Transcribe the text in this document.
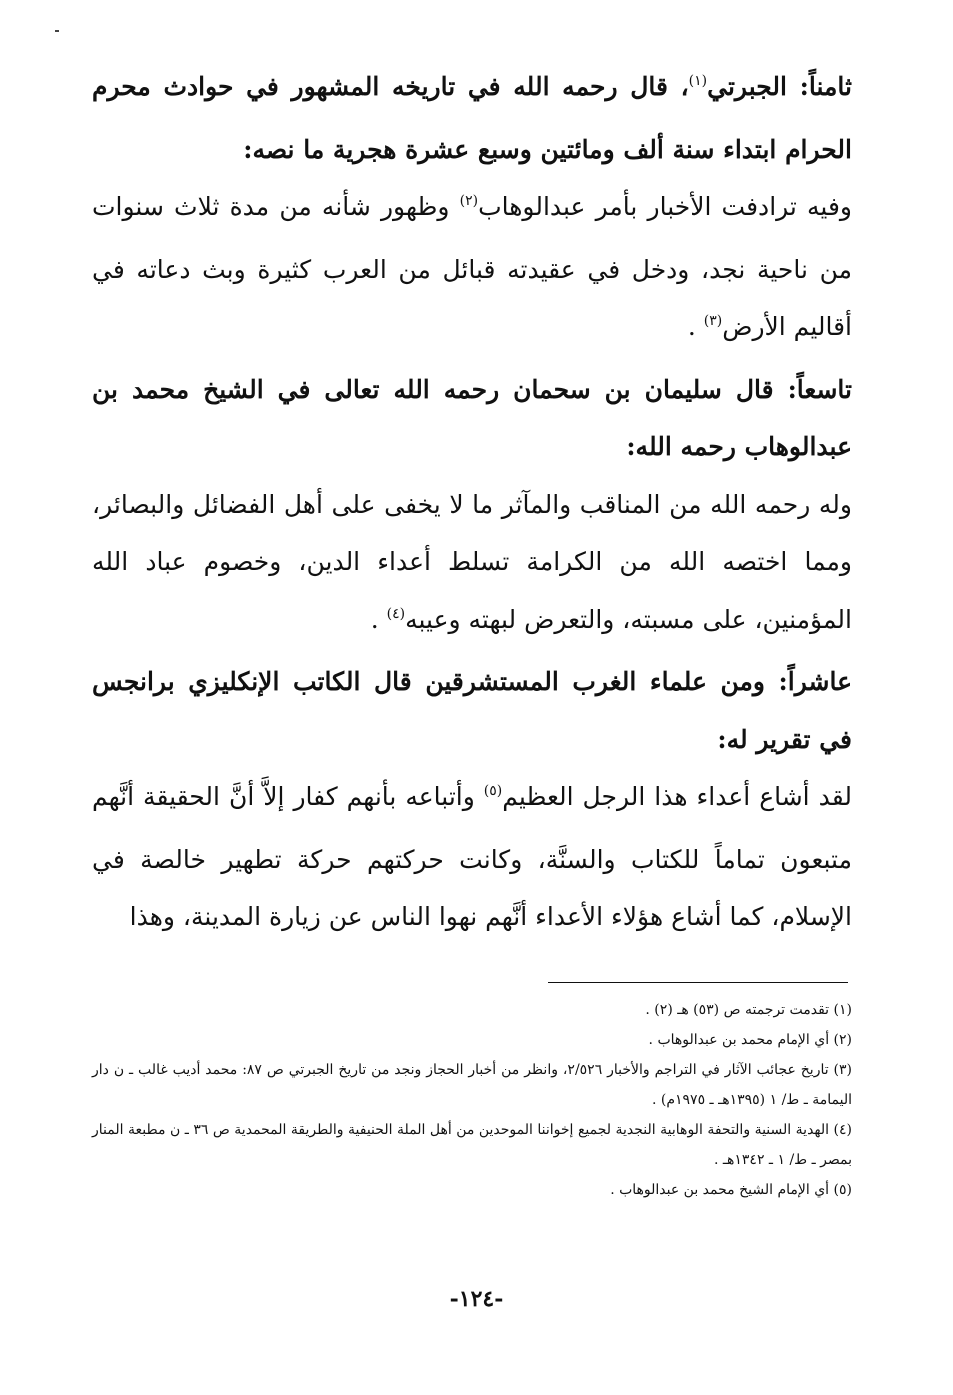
ثامناً: الجبرتي$^{(١)}$، قال رحمه الله في تاريخه المشهور في حوادث محرم الحرام ابتداء سنة ألف ومائتين وسبع عشرة هجرية ما نصه:

وفيه ترادفت الأخبار بأمر عبدالوهاب$^{(٢)}$ وظهور شأنه من مدة ثلاث سنوات من ناحية نجد، ودخل في عقيدته قبائل من العرب كثيرة وبث دعاته في أقاليم الأرض$^{(٣)}$ .

تاسعاً: قال سليمان بن سحمان رحمه الله تعالى في الشيخ محمد بن عبدالوهاب رحمه الله:

وله رحمه الله من المناقب والمآثر ما لا يخفى على أهل الفضائل والبصائر، ومما اختصه الله من الكرامة تسلط أعداء الدين، وخصوم عباد الله المؤمنين، على مسبته، والتعرض لبهته وعيبه$^{(٤)}$ .

عاشراً: ومن علماء الغرب المستشرقين قال الكاتب الإنكليزي برانجس في تقرير له:

لقد أشاع أعداء هذا الرجل العظيم$^{(٥)}$ وأتباعه بأنهم كفار إلاَّ أنَّ الحقيقة أنَّهم متبعون تماماً للكتاب والسنَّة، وكانت حركتهم حركة تطهير خالصة في الإسلام، كما أشاع هؤلاء الأعداء أنَّهم نهوا الناس عن زيارة المدينة، وهذا

(١) تقدمت ترجمته ص (٥٣) هـ (٢) .

(٢) أي الإمام محمد بن عبدالوهاب .

(٣) تاريخ عجائب الآثار في التراجم والأخبار ٢/٥٢٦، وانظر من أخبار الحجاز ونجد من تاريخ الجبرتي ص ٨٧: محمد أديب غالب ـ ن دار اليمامة ـ ط/ ١ (١٣٩٥هـ ـ ١٩٧٥م) .

(٤) الهدية السنية والتحفة الوهابية النجدية لجميع إخواننا الموحدين من أهل الملة الحنيفية والطريقة المحمدية ص ٣٦ ـ ن مطبعة المنار بمصر ـ ط/ ١ ـ ١٣٤٢هـ .

(٥) أي الإمام الشيخ محمد بن عبدالوهاب .

-١٢٤-
